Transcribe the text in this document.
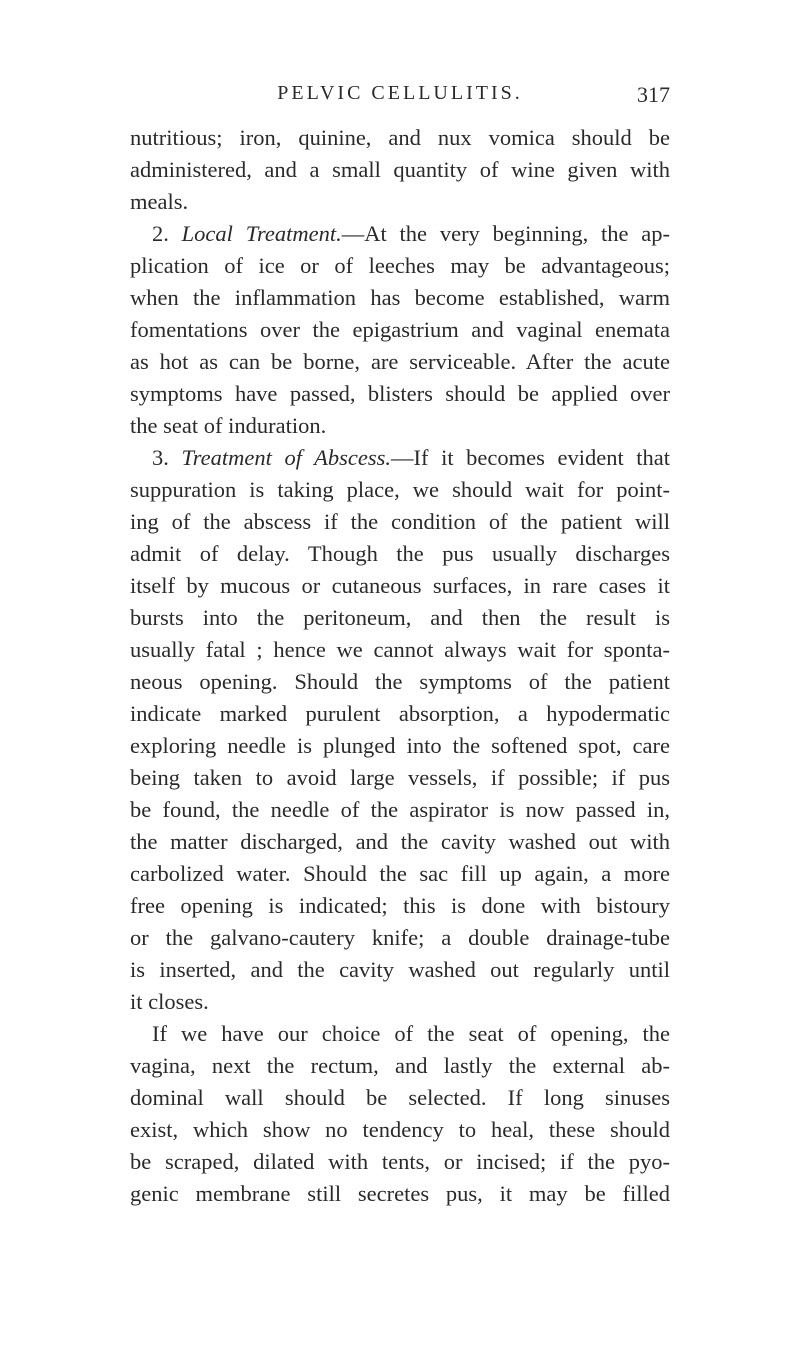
PELVIC CELLULITIS.	317
nutritious; iron, quinine, and nux vomica should be
administered, and a small quantity of wine given with
meals.
2. Local Treatment.—At the very beginning, the ap-
plication of ice or of leeches may be advantageous;
when the inflammation has become established, warm
fomentations over the epigastrium and vaginal enemata
as hot as can be borne, are serviceable. After the acute
symptoms have passed, blisters should be applied over
the seat of induration.
3. Treatment of Abscess.—If it becomes evident that
suppuration is taking place, we should wait for point-
ing of the abscess if the condition of the patient will
admit of delay. Though the pus usually discharges
itself by mucous or cutaneous surfaces, in rare cases it
bursts into the peritoneum, and then the result is
usually fatal ; hence we cannot always wait for sponta-
neous opening. Should the symptoms of the patient
indicate marked purulent absorption, a hypodermatic
exploring needle is plunged into the softened spot, care
being taken to avoid large vessels, if possible; if pus
be found, the needle of the aspirator is now passed in,
the matter discharged, and the cavity washed out with
carbolized water. Should the sac fill up again, a more
free opening is indicated; this is done with bistoury
or the galvano-cautery knife; a double drainage-tube
is inserted, and the cavity washed out regularly until
it closes.
If we have our choice of the seat of opening, the
vagina, next the rectum, and lastly the external ab-
dominal wall should be selected. If long sinuses
exist, which show no tendency to heal, these should
be scraped, dilated with tents, or incised; if the pyo-
genic membrane still secretes pus, it may be filled
